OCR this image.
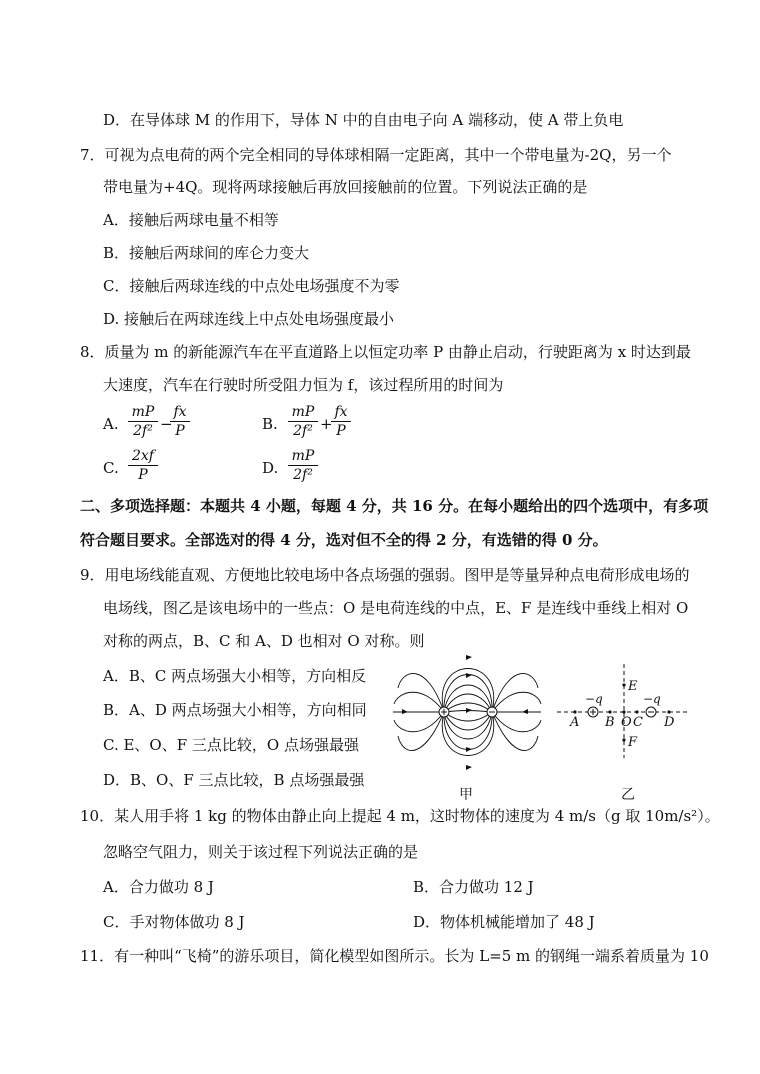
D．在导体球 M 的作用下，导体 N 中的自由电子向 A 端移动，使 A 带上负电
7．可视为点电荷的两个完全相同的导体球相隔一定距离，其中一个带电量为-2Q，另一个
带电量为+4Q。现将两球接触后再放回接触前的位置。下列说法正确的是
A．接触后两球电量不相等
B．接触后两球间的库仑力变大
C．接触后两球连线的中点处电场强度不为零
D. 接触后在两球连线上中点处电场强度最小
8．质量为 m 的新能源汽车在平直道路上以恒定功率 P 由静止启动，行驶距离为 x 时达到最
大速度，汽车在行驶时所受阻力恒为 f，该过程所用的时间为
A.
mP
2f² −
fx
P	B.
mP
2f² +
fx
P
C.
2xf
P	D.
mP
2f²
二、多项选择题：本题共 4 小题，每题 4 分，共 16 分。在每小题给出的四个选项中，有多项
符合题目要求。全部选对的得 4 分，选对但不全的得 2 分，有选错的得 0 分。
9．用电场线能直观、方便地比较电场中各点场强的强弱。图甲是等量异种点电荷形成电场的
电场线，图乙是该电场中的一些点：O 是电荷连线的中点，E、F 是连线中垂线上相对 O
对称的两点，B、C 和 A、D 也相对 O 对称。则
A．B、C 两点场强大小相等，方向相反
B．A、D 两点场强大小相等，方向相同
C. E、O、F 三点比较，O 点场强最强
D．B、O、F 三点比较，B 点场强最强
甲
−q	−q
E
F
A B O C D
乙
10．某人用手将 1 kg 的物体由静止向上提起 4 m，这时物体的速度为 4 m/s（g 取 10m/s²）。
忽略空气阻力，则关于该过程下列说法正确的是
A．合力做功 8 J	B．合力做功 12 J
C．手对物体做功 8 J	D．物体机械能增加了 48 J
11．有一种叫“飞椅”的游乐项目，简化模型如图所示。长为 L=5 m 的钢绳一端系着质量为 10
